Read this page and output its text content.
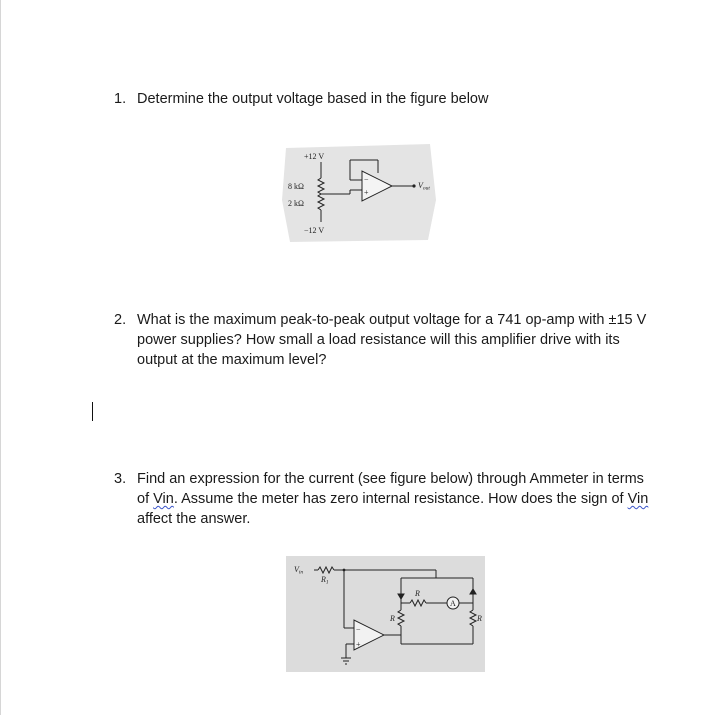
1. Determine the output voltage based in the figure below
+12 V
8 kΩ
2 kΩ
−12 V
−
+
Vout
2. What is the maximum peak-to-peak output voltage for a 741 op-amp with ±15 V
power supplies? How small a load resistance will this amplifier drive with its
output at the maximum level?
3. Find an expression for the current (see figure below) through Ammeter in terms
of Vin. Assume the meter has zero internal resistance. How does the sign of Vin
affect the answer.
Vin
R1
R
R	R
A
−
+
